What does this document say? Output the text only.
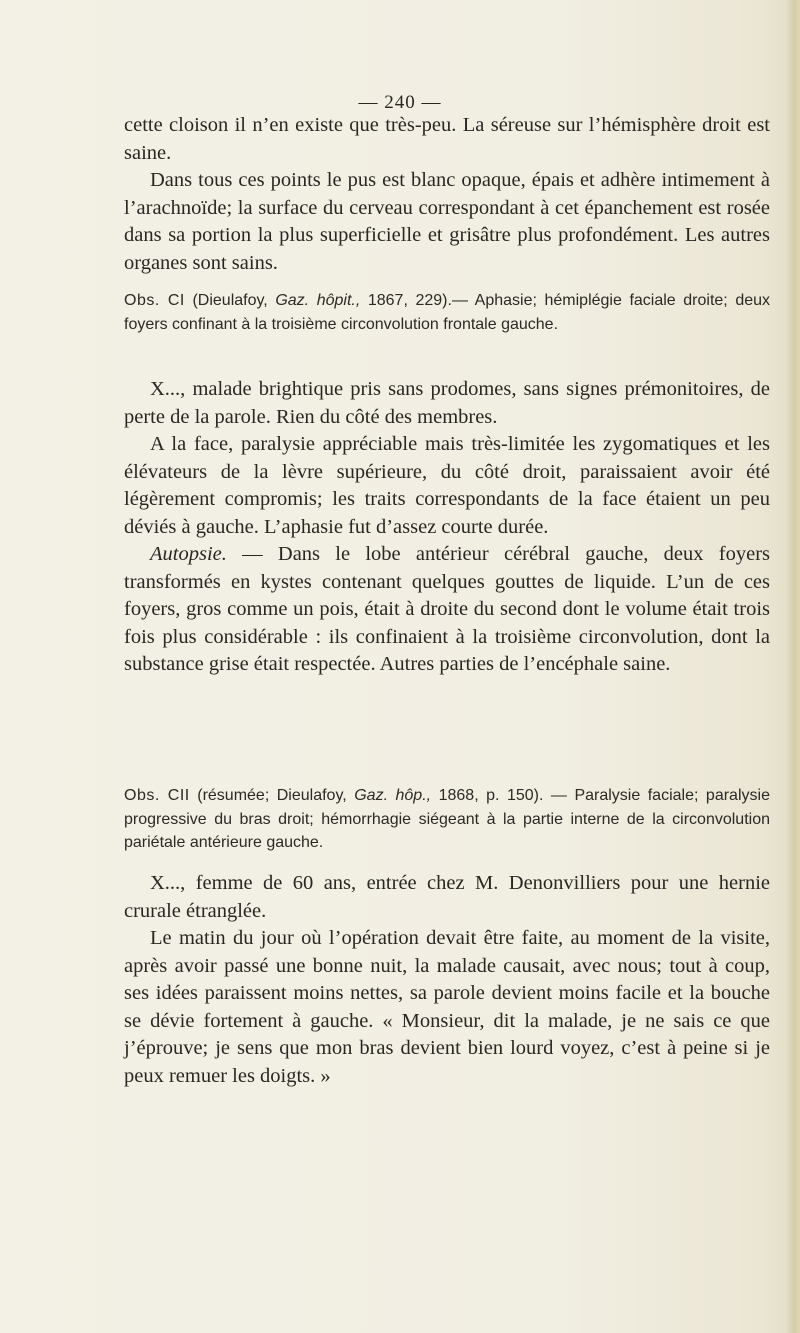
— 240 —

cette cloison il n’en existe que très-peu. La séreuse sur l’hémisphère droit est saine.

Dans tous ces points le pus est blanc opaque, épais et adhère intimement à l’arachnoïde; la surface du cerveau correspondant à cet épanchement est rosée dans sa portion la plus superficielle et grisâtre plus profondément. Les autres organes sont sains.

Obs. CI (Dieulafoy, Gaz. hôpit., 1867, 229).— Aphasie; hémiplégie faciale droite; deux foyers confinant à la troisième circonvolution frontale gauche.

X..., malade brightique pris sans prodomes, sans signes prémonitoires, de perte de la parole. Rien du côté des membres.

A la face, paralysie appréciable mais très-limitée les zygomatiques et les élévateurs de la lèvre supérieure, du côté droit, paraissaient avoir été légèrement compromis; les traits correspondants de la face étaient un peu déviés à gauche. L’aphasie fut d’assez courte durée.

Autopsie. — Dans le lobe antérieur cérébral gauche, deux foyers transformés en kystes contenant quelques gouttes de liquide. L’un de ces foyers, gros comme un pois, était à droite du second dont le volume était trois fois plus considérable : ils confinaient à la troisième circonvolution, dont la substance grise était respectée. Autres parties de l’encéphale saine.

Obs. CII (résumée; Dieulafoy, Gaz. hôp., 1868, p. 150). — Paralysie faciale; paralysie progressive du bras droit; hémorrhagie siégeant à la partie interne de la circonvolution pariétale antérieure gauche.

X..., femme de 60 ans, entrée chez M. Denonvilliers pour une hernie crurale étranglée.

Le matin du jour où l’opération devait être faite, au moment de la visite, après avoir passé une bonne nuit, la malade causait, avec nous; tout à coup, ses idées paraissent moins nettes, sa parole devient moins facile et la bouche se dévie fortement à gauche. « Monsieur, dit la malade, je ne sais ce que j’éprouve; je sens que mon bras devient bien lourd voyez, c’est à peine si je peux remuer les doigts. »
